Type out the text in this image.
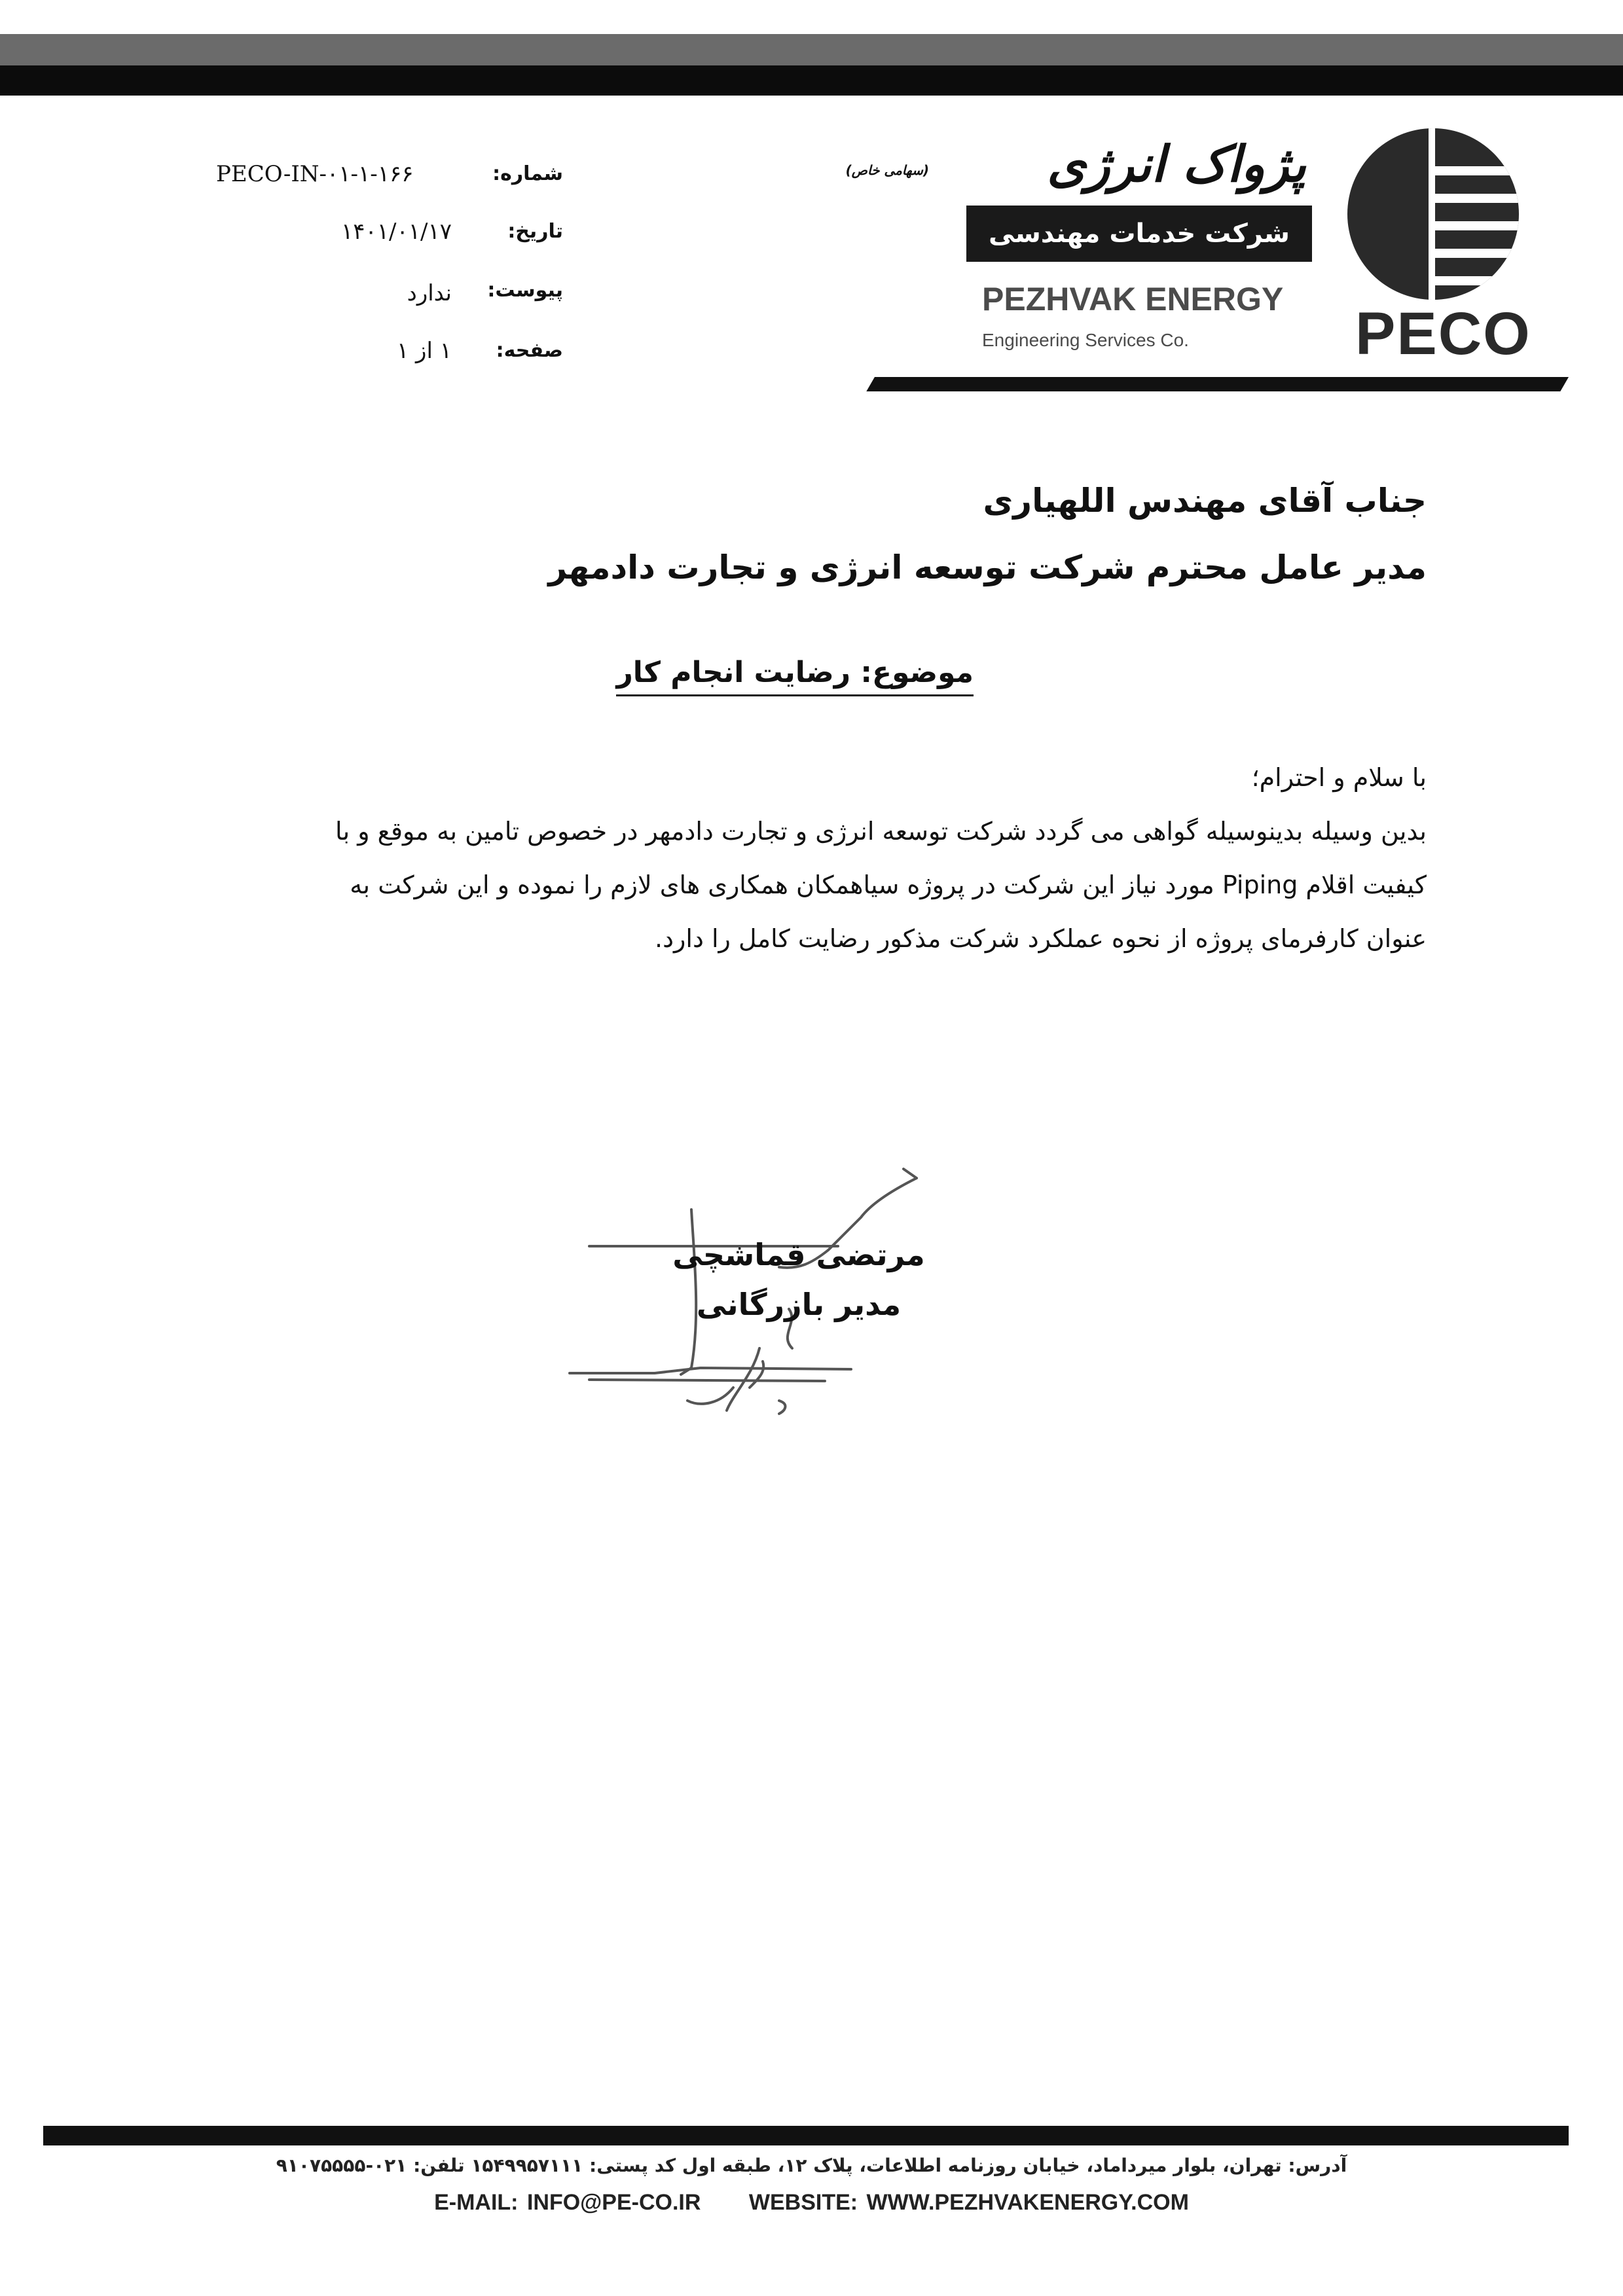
شماره:
PECO-IN-۰۱-۱-۱۶۶
تاریخ:
۱۴۰۱/۰۱/۱۷
پیوست:
ندارد
صفحه:
۱ از ۱
پژواک انرژی
(سهامی خاص)
شرکت خدمات مهندسی
PEZHVAK ENERGY
Engineering Services Co.	PECO
جناب آقای مهندس اللهیاری
مدیر عامل محترم شرکت توسعه انرژی و تجارت دادمهر
موضوع: رضایت انجام کار
با سلام و احترام؛
بدین وسیله بدینوسیله گواهی می گردد شرکت توسعه انرژی و تجارت دادمهر در خصوص تامین به موقع و با
کیفیت اقلام Piping مورد نیاز این شرکت در پروژه سیاهمکان همکاری های لازم را نموده و این شرکت به
عنوان کارفرمای پروژه از نحوه عملکرد شرکت مذکور رضایت کامل را دارد.
مرتضی قماشچی
مدیر بازرگانی
آدرس: تهران، بلوار میرداماد، خیابان روزنامه اطلاعات، پلاک ۱۲، طبقه اول کد پستی: ۱۵۴۹۹۵۷۱۱۱ تلفن: ۰۲۱-۹۱۰۷۵۵۵۵
E-MAIL: INFO@PE-CO.IR WEBSITE: WWW.PEZHVAKENERGY.COM
